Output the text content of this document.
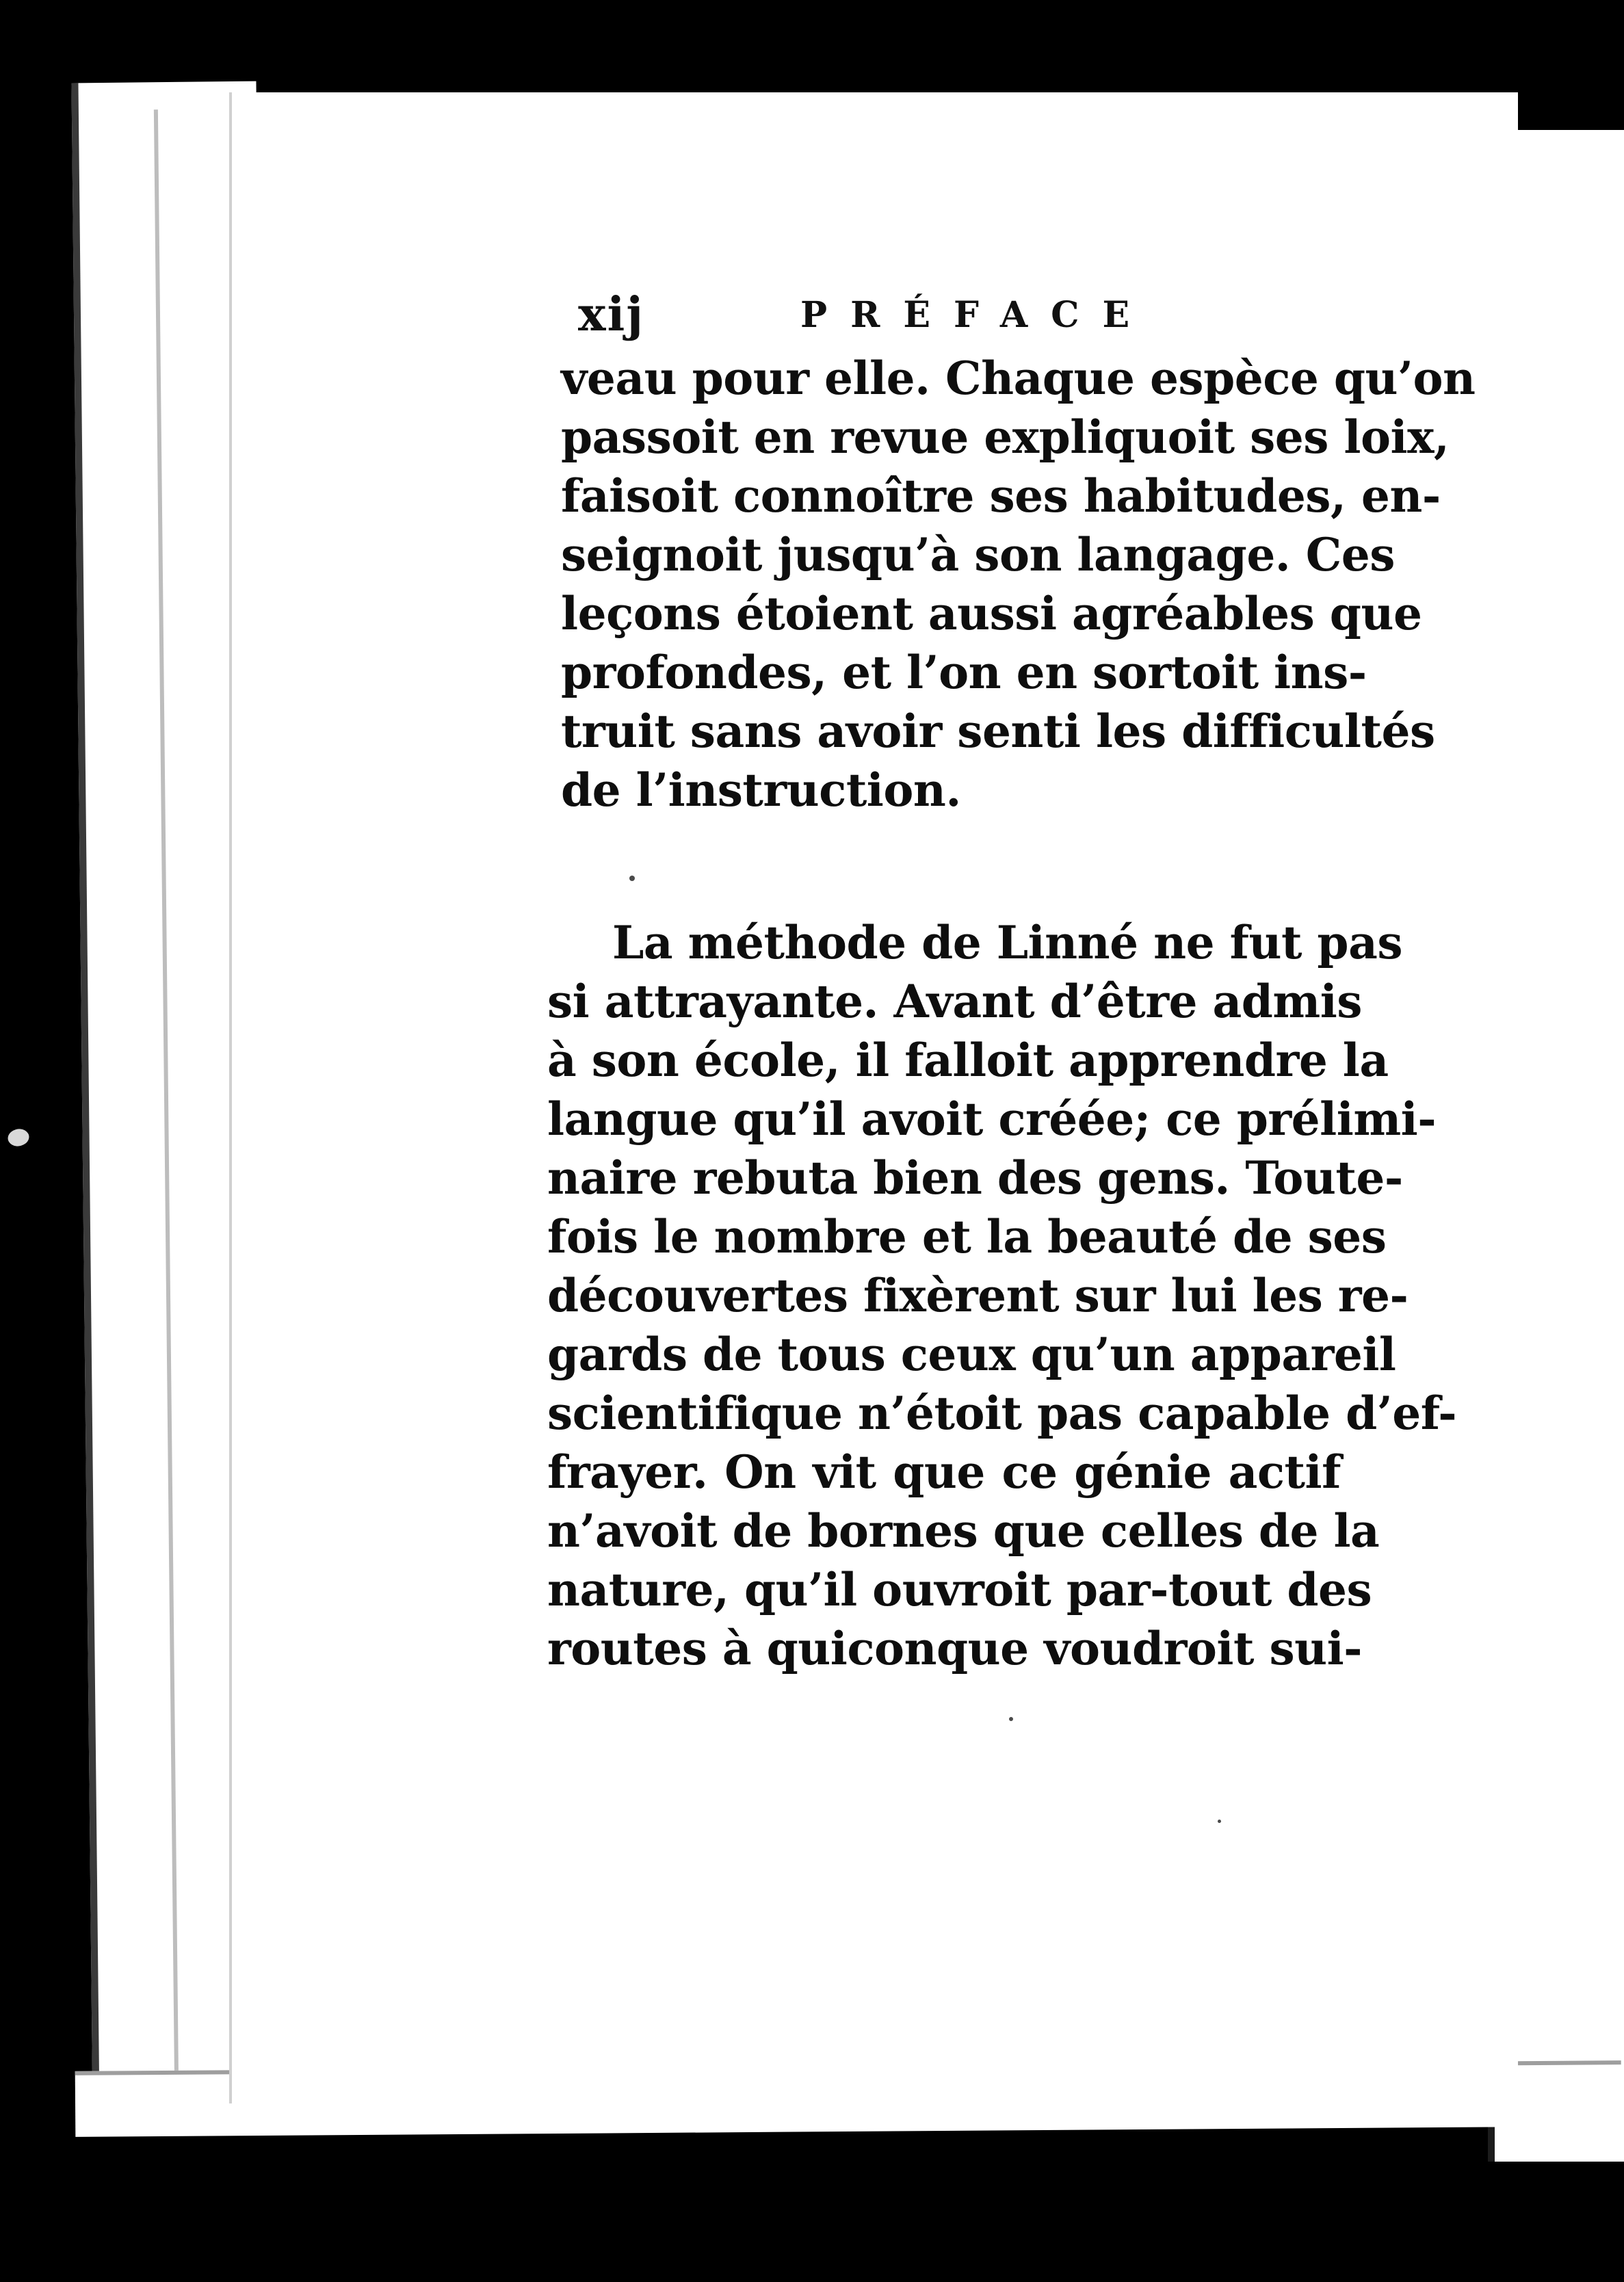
xij	PRÉFACE
veau pour elle. Chaque espèce qu’on
passoit en revue expliquoit ses loix,
faisoit connoître ses habitudes, en-
seignoit jusqu’à son langage. Ces
leçons étoient aussi agréables que
profondes, et l’on en sortoit ins-
truit sans avoir senti les difficultés
de l’instruction.
La méthode de Linné ne fut pas
si attrayante. Avant d’être admis
à son école, il falloit apprendre la
langue qu’il avoit créée; ce prélimi-
naire rebuta bien des gens. Toute-
fois le nombre et la beauté de ses
découvertes fixèrent sur lui les re-
gards de tous ceux qu’un appareil
scientifique n’étoit pas capable d’ef-
frayer. On vit que ce génie actif
n’avoit de bornes que celles de la
nature, qu’il ouvroit par-tout des
routes à quiconque voudroit sui-
